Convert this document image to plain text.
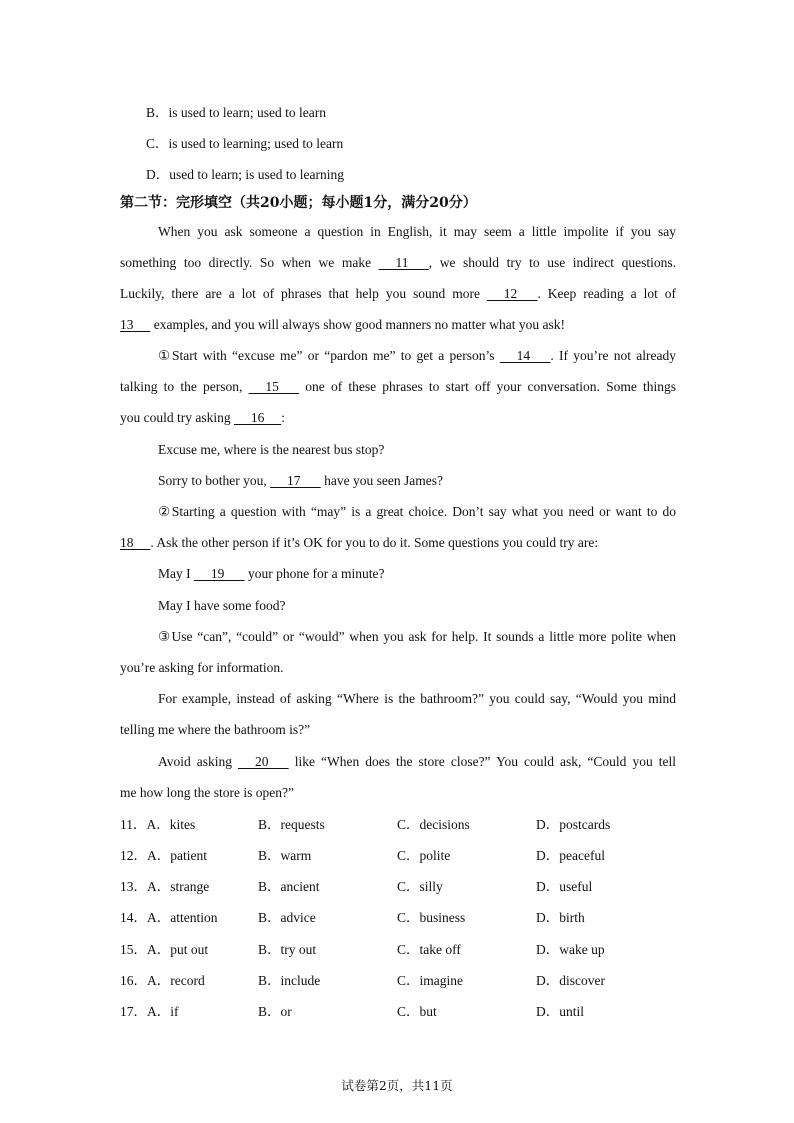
B．is used to learn; used to learn
C．is used to learning; used to learn
D．used to learn; is used to learning
第二节：完形填空（共20小题；每小题1分，满分20分）
When you ask someone a question in English, it may seem a little impolite if you say
something too directly. So when we make      11      , we should try to use indirect questions.
Luckily, there are a lot of phrases that help you sound more      12      . Keep reading a lot of
13      examples, and you will always show good manners no matter what you ask!
①Start with “excuse me” or “pardon me” to get a person’s      14      . If you’re not already
talking to the person,      15       one of these phrases to start off your conversation. Some things
you could try asking      16     :
Excuse me, where is the nearest bus stop?
Sorry to bother you,      17       have you seen James?
②Starting a question with “may” is a great choice. Don’t say what you need or want to do
18     . Ask the other person if it’s OK for you to do it. Some questions you could try are:
May I      19       your phone for a minute?
May I have some food?
③Use “can”, “could” or “would” when you ask for help. It sounds a little more polite when
you’re asking for information.
For example, instead of asking “Where is the bathroom?” you could say, “Would you mind
telling me where the bathroom is?”
Avoid asking      20       like “When does the store close?” You could ask, “Could you tell
me how long the store is open?”
11．A．kites	B．requests	C．decisions	D．postcards
12．A．patient	B．warm	C．polite	D．peaceful
13．A．strange	B．ancient	C．silly	D．useful
14．A．attention	B．advice	C．business	D．birth
15．A．put out	B．try out	C．take off	D．wake up
16．A．record	B．include	C．imagine	D．discover
17．A．if	B．or	C．but	D．until
试卷第2页，共11页
